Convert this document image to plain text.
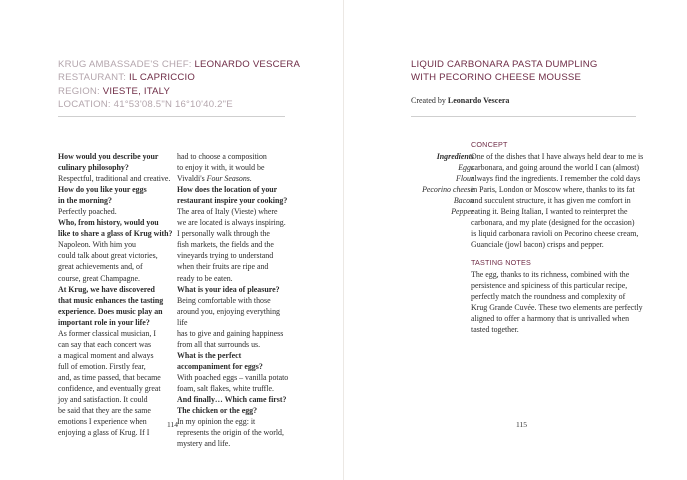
KRUG AMBASSADE'S CHEF: LEONARDO VESCERA
RESTAURANT: IL CAPRICCIO
REGION: VIESTE, ITALY
LOCATION: 41°53'08.5"N 16°10'40.2"E

How would you describe your

culinary philosophy?

Respectful, traditional and creative.

How do you like your eggs

in the morning?

Perfectly poached.

Who, from history, would you

like to share a glass of Krug with?

Napoleon. With him you

could talk about great victories,

great achievements and, of

course, great Champagne.

At Krug, we have discovered

that music enhances the tasting

experience. Does music play an

important role in your life?

As former classical musician, I

can say that each concert was

a magical moment and always

full of emotion. Firstly fear,

and, as time passed, that became

confidence, and eventually great

joy and satisfaction. It could

be said that they are the same

emotions I experience when

enjoying a glass of Krug. If I

had to choose a composition

to enjoy it with, it would be

Vivaldi's Four Seasons.

How does the location of your

restaurant inspire your cooking?

The area of Italy (Vieste) where

we are located is always inspiring.

I personally walk through the

fish markets, the fields and the

vineyards trying to understand

when their fruits are ripe and

ready to be eaten.

What is your idea of pleasure?

Being comfortable with those

around you, enjoying everything life

has to give and gaining happiness

from all that surrounds us.

What is the perfect

accompaniment for eggs?

With poached eggs – vanilla potato

foam, salt flakes, white truffle.

And finally… Which came first?

The chicken or the egg?

In my opinion the egg: it

represents the origin of the world,

mystery and life.

114
LIQUID CARBONARA PASTA DUMPLING
WITH PECORINO CHEESE MOUSSE
Created by Leonardo Vescera
Ingredients
Eggs
Flour
Pecorino cheese
Bacon
Pepper
CONCEPT
One of the dishes that I have always held dear to me is
carbonara, and going around the world I can (almost)
always find the ingredients. I remember the cold days
in Paris, London or Moscow where, thanks to its fat
and succulent structure, it has given me comfort in
eating it. Being Italian, I wanted to reinterpret the
carbonara, and my plate (designed for the occasion)
is liquid carbonara ravioli on Pecorino cheese cream,
Guanciale (jowl bacon) crisps and pepper.
TASTING NOTES
The egg, thanks to its richness, combined with the
persistence and spiciness of this particular recipe,
perfectly match the roundness and complexity of
Krug Grande Cuvée. These two elements are perfectly
aligned to offer a harmony that is unrivalled when
tasted together.
115
